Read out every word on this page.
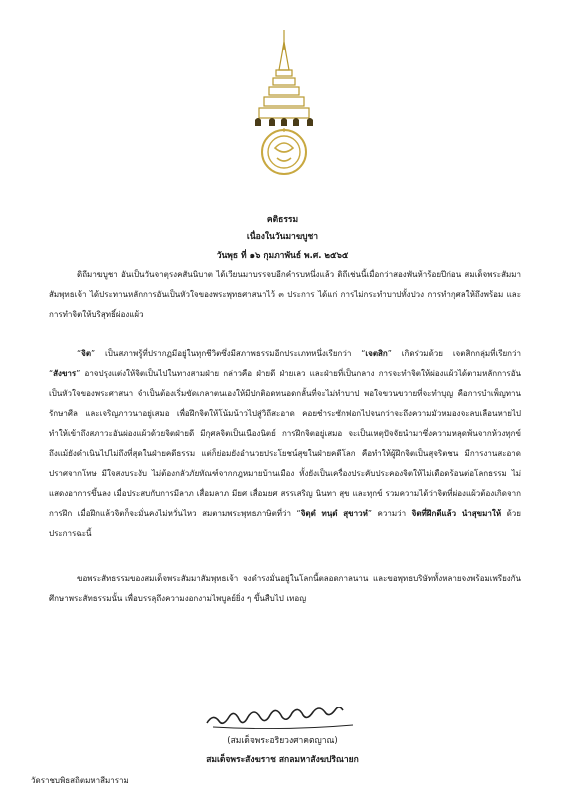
คติธรรม
เนื่องในวันมาฆบูชา
วันพุธ ที่ ๑๖ กุมภาพันธ์ พ.ศ. ๒๕๖๕

ดิถีมาฆบูชา อันเป็นวันจาตุรงคสันนิบาต ได้เวียนมาบรรจบอีกคำรบหนึ่งแล้ว ดิถีเช่นนี้เมื่อกว่าสองพันห้าร้อยปีก่อน สมเด็จพระสัมมาสัมพุทธเจ้า ได้ประทานหลักการอันเป็นหัวใจของพระพุทธศาสนาไว้ ๓ ประการ ได้แก่ การไม่กระทำบาปทั้งปวง การทำกุศลให้ถึงพร้อม และการทำจิตให้บริสุทธิ์ผ่องแผ้ว

“จิต” เป็นสภาพรู้ที่ปรากฏมีอยู่ในทุกชีวิตซึ่งมีสภาพธรรมอีกประเภทหนึ่งเรียกว่า “เจตสิก” เกิดร่วมด้วย เจตสิกกลุ่มที่เรียกว่า “สังขาร” อาจปรุงแต่งให้จิตเป็นไปในทางสามฝ่าย กล่าวคือ ฝ่ายดี ฝ่ายเลว และฝ่ายที่เป็นกลาง การจะทำจิตให้ผ่องแผ้วได้ตามหลักการอันเป็นหัวใจของพระศาสนา จำเป็นต้องเริ่มขัดเกลาตนเองให้มีปกติอดทนอดกลั้นที่จะไม่ทำบาป พอใจขวนขวายที่จะทำบุญ คือการบำเพ็ญทาน รักษาศีล และเจริญภาวนาอยู่เสมอ เพื่อฝึกจิตให้โน้มน้าวไปสู่วิถีสะอาด คอยชำระซักฟอกไปจนกว่าจะถึงความมัวหมองจะลบเลือนหายไป ทำให้เข้าถึงสภาวะอันผ่องแผ้วด้วยจิตฝ่ายดี มีกุศลจิตเป็นเนืองนิตย์ การฝึกจิตอยู่เสมอ จะเป็นเหตุปัจจัยนำมาซึ่งความหลุดพ้นจากห้วงทุกข์ ถึงแม้ยังดำเนินไปไม่ถึงที่สุดในฝ่ายคดีธรรม แต่ก็ย่อมยังอำนวยประโยชน์สุขในฝ่ายคดีโลก คือทำให้ผู้ฝึกจิตเป็นสุจริตชน มีการงานสะอาดปราศจากโทษ มีใจสงบระงับ ไม่ต้องกลัวภัยทัณฑ์จากกฎหมายบ้านเมือง ทั้งยังเป็นเครื่องประคับประคองจิตให้ไม่เดือดร้อนต่อโลกธรรม ไม่แสดงอาการขึ้นลง เมื่อประสบกับการมีลาภ เสื่อมลาภ มียศ เสื่อมยศ สรรเสริญ นินทา สุข และทุกข์ รวมความได้ว่าจิตที่ผ่องแผ้วต้องเกิดจากการฝึก เมื่อฝึกแล้วจิตก็จะมั่นคงไม่หวั่นไหว สมตามพระพุทธภาษิตที่ว่า “จิตฺตํ ทนฺตํ สุขาวหํ” ความว่า จิตที่ฝึกดีแล้ว นำสุขมาให้ ด้วยประการฉะนี้

ขอพระสัทธรรมของสมเด็จพระสัมมาสัมพุทธเจ้า จงดำรงมั่นอยู่ในโลกนี้ตลอดกาลนาน และขอพุทธบริษัททั้งหลายจงพร้อมเพรียงกันศึกษาพระสัทธรรมนั้น เพื่อบรรลุถึงความงอกงามไพบูลย์ยิ่ง ๆ ขึ้นสืบไป เทอญ

(สมเด็จพระอริยวงศาคตญาณ)
สมเด็จพระสังฆราช สกลมหาสังฆปริณายก
วัดราชบพิธสถิตมหาสีมาราม
